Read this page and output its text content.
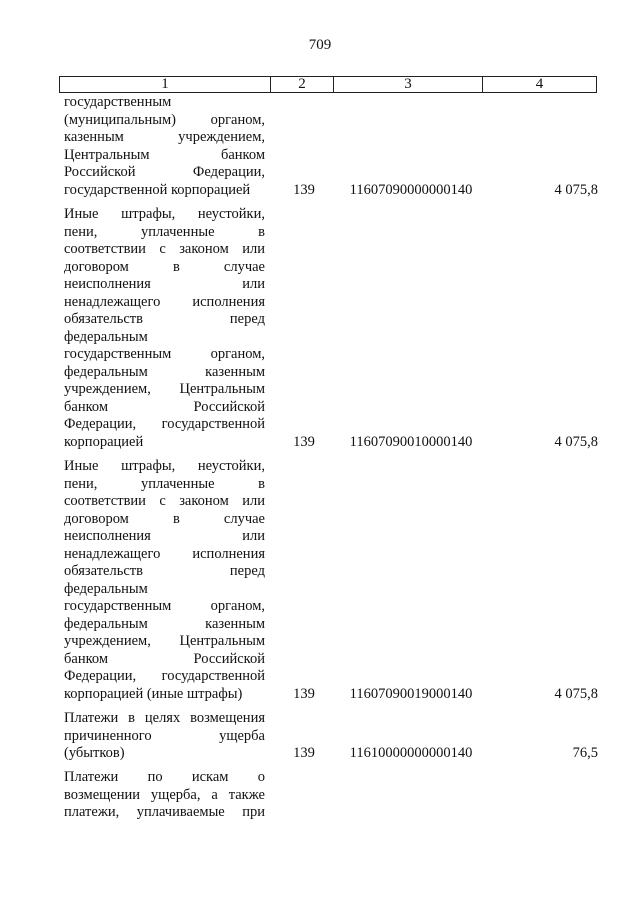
709
1	2	3	4
государственным
(муниципальным) органом,
казенным учреждением,
Центральным банком
Российской Федерации,
государственной корпорацией	139	11607090000000140	4 075,8
Иные штрафы, неустойки,
пени, уплаченные в
соответствии с законом или
договором в случае
неисполнения или
ненадлежащего исполнения
обязательств перед
федеральным
государственным органом,
федеральным казенным
учреждением, Центральным
банком Российской
Федерации, государственной
корпорацией	139	11607090010000140	4 075,8
Иные штрафы, неустойки,
пени, уплаченные в
соответствии с законом или
договором в случае
неисполнения или
ненадлежащего исполнения
обязательств перед
федеральным
государственным органом,
федеральным казенным
учреждением, Центральным
банком Российской
Федерации, государственной
корпорацией (иные штрафы)	139	11607090019000140	4 075,8
Платежи в целях возмещения
причиненного ущерба
(убытков)	139	11610000000000140	76,5
Платежи по искам о
возмещении ущерба, а также
платежи, уплачиваемые при
